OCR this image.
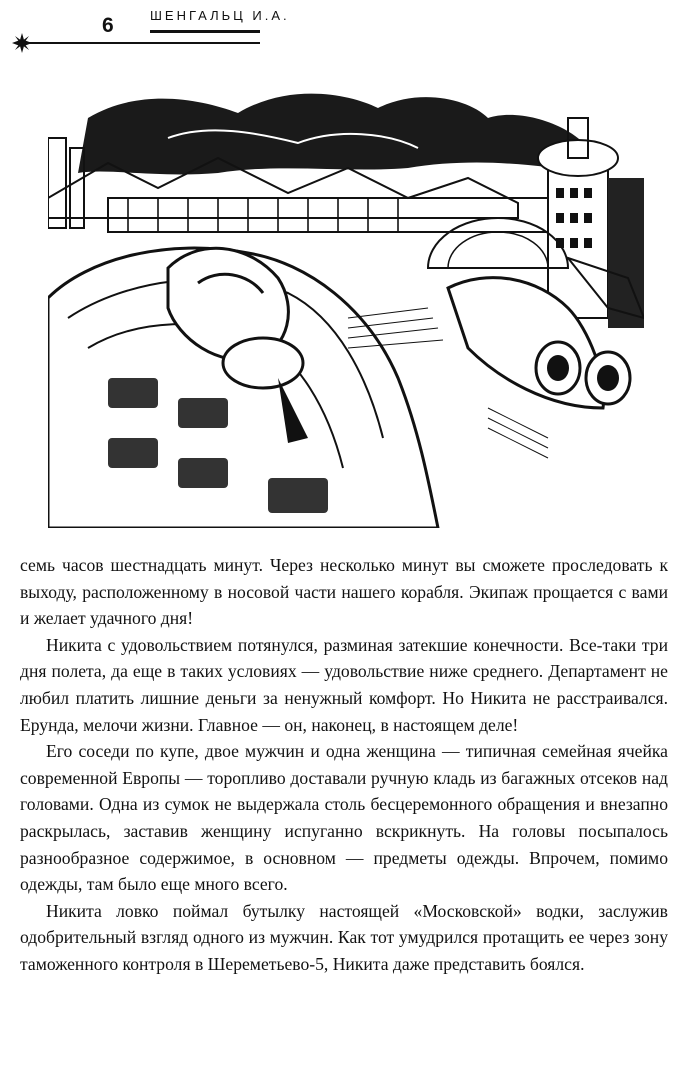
6	ШЕНГАЛЬЦ И.А.

семь часов шестнадцать минут. Через несколько минут вы сможете проследовать к выходу, расположенному в носовой части нашего корабля. Экипаж прощается с вами и желает удачного дня!

Никита с удовольствием потянулся, разминая затекшие конечности. Все-таки три дня полета, да еще в таких условиях — удовольствие ниже среднего. Департамент не любил платить лишние деньги за ненужный комфорт. Но Никита не расстраивался. Ерунда, мелочи жизни. Главное — он, наконец, в настоящем деле!

Его соседи по купе, двое мужчин и одна женщина — типичная семейная ячейка современной Европы — торопливо доставали ручную кладь из багажных отсеков над головами. Одна из сумок не выдержала столь бесцеремонного обращения и внезапно раскрылась, заставив женщину испуганно вскрикнуть. На головы посыпалось разнообразное содержимое, в основном — предметы одежды. Впрочем, помимо одежды, там было еще много всего.

Никита ловко поймал бутылку настоящей «Московской» водки, заслужив одобрительный взгляд одного из мужчин. Как тот умудрился протащить ее через зону таможенного контроля в Шереметьево-5, Никита даже представить боялся.
